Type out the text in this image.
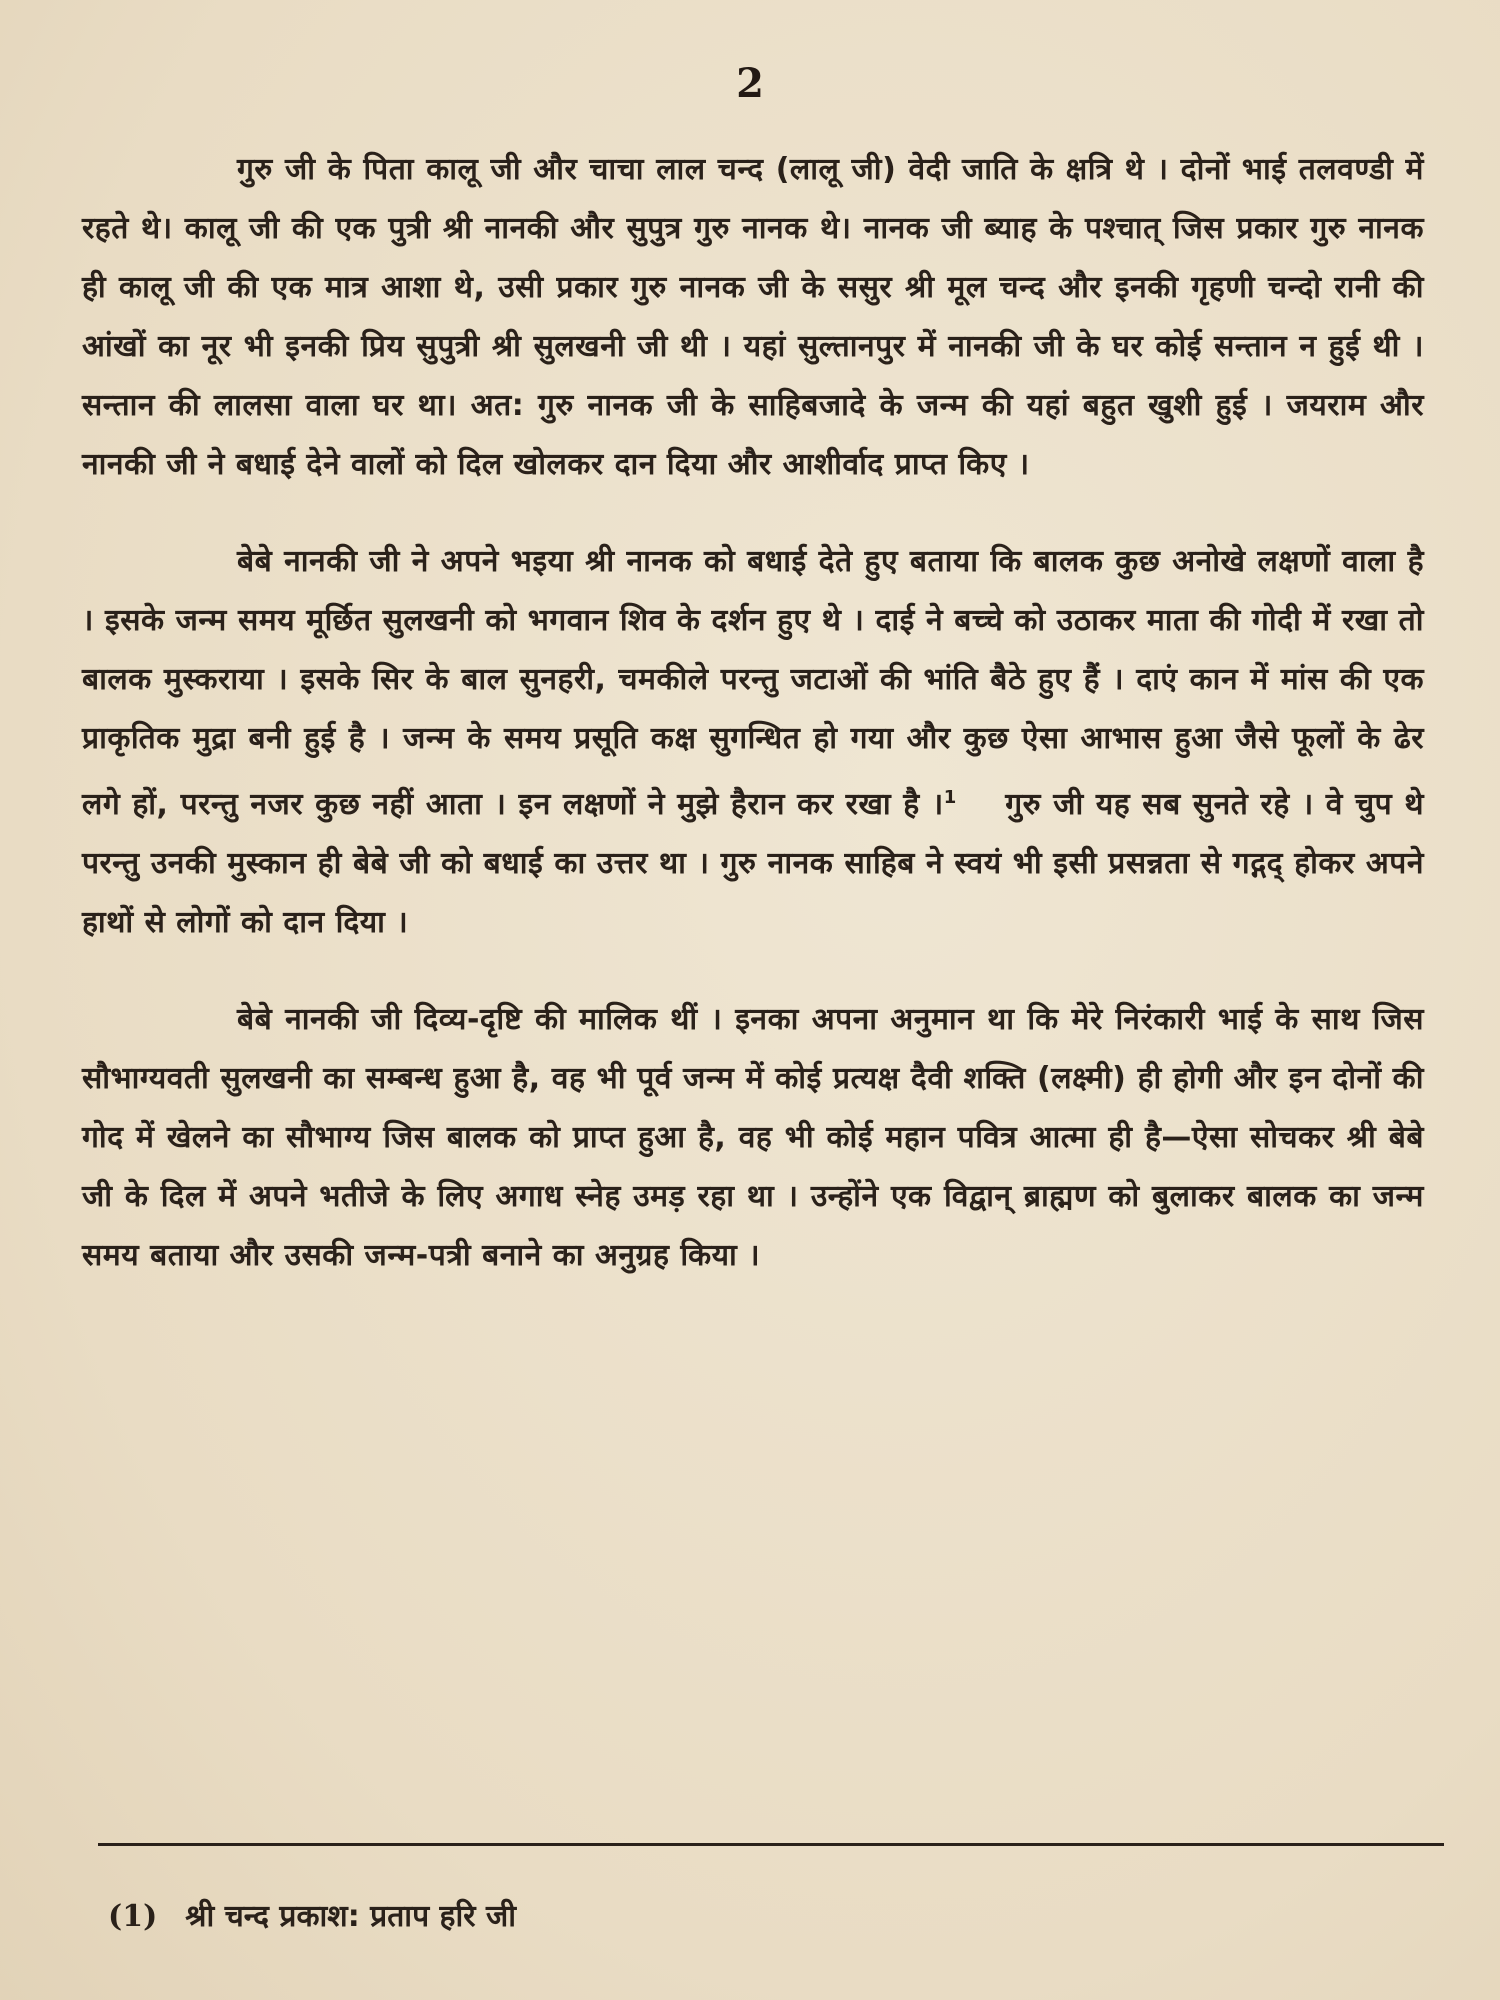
2

गुरु जी के पिता कालू जी और चाचा लाल चन्द (लालू जी) वेदी जाति के क्षत्रि थे । दोनों भाई तलवण्डी में रहते थे। कालू जी की एक पुत्री श्री नानकी और सुपुत्र गुरु नानक थे। नानक जी ब्याह के पश्चात् जिस प्रकार गुरु नानक ही कालू जी की एक मात्र आशा थे, उसी प्रकार गुरु नानक जी के ससुर श्री मूल चन्द और इनकी गृहणी चन्दो रानी की आंखों का नूर भी इनकी प्रिय सुपुत्री श्री सुलखनी जी थी । यहां सुल्तानपुर में नानकी जी के घर कोई सन्तान न हुई थी । सन्तान की लालसा वाला घर था। अत: गुरु नानक जी के साहिबजादे के जन्म की यहां बहुत खुशी हुई । जयराम और नानकी जी ने बधाई देने वालों को दिल खोलकर दान दिया और आशीर्वाद प्राप्त किए ।

बेबे नानकी जी ने अपने भइया श्री नानक को बधाई देते हुए बताया कि बालक कुछ अनोखे लक्षणों वाला है । इसके जन्म समय मूर्छित सुलखनी को भगवान शिव के दर्शन हुए थे । दाई ने बच्चे को उठाकर माता की गोदी में रखा तो बालक मुस्कराया । इसके सिर के बाल सुनहरी, चमकीले परन्तु जटाओं की भांति बैठे हुए हैं । दाएं कान में मांस की एक प्राकृतिक मुद्रा बनी हुई है । जन्म के समय प्रसूति कक्ष सुगन्धित हो गया और कुछ ऐसा आभास हुआ जैसे फूलों के ढेर लगे हों, परन्तु नजर कुछ नहीं आता । इन लक्षणों ने मुझे हैरान कर रखा है ।$^1$ गुरु जी यह सब सुनते रहे । वे चुप थे परन्तु उनकी मुस्कान ही बेबे जी को बधाई का उत्तर था । गुरु नानक साहिब ने स्वयं भी इसी प्रसन्नता से गद्गद् होकर अपने हाथों से लोगों को दान दिया ।

बेबे नानकी जी दिव्य-दृष्टि की मालिक थीं । इनका अपना अनुमान था कि मेरे निरंकारी भाई के साथ जिस सौभाग्यवती सुलखनी का सम्बन्ध हुआ है, वह भी पूर्व जन्म में कोई प्रत्यक्ष दैवी शक्ति (लक्ष्मी) ही होगी और इन दोनों की गोद में खेलने का सौभाग्य जिस बालक को प्राप्त हुआ है, वह भी कोई महान पवित्र आत्मा ही है—ऐसा सोचकर श्री बेबे जी के दिल में अपने भतीजे के लिए अगाध स्नेह उमड़ रहा था । उन्होंने एक विद्वान् ब्राह्मण को बुलाकर बालक का जन्म समय बताया और उसकी जन्म-पत्री बनाने का अनुग्रह किया ।

(1) श्री चन्द प्रकाश: प्रताप हरि जी
